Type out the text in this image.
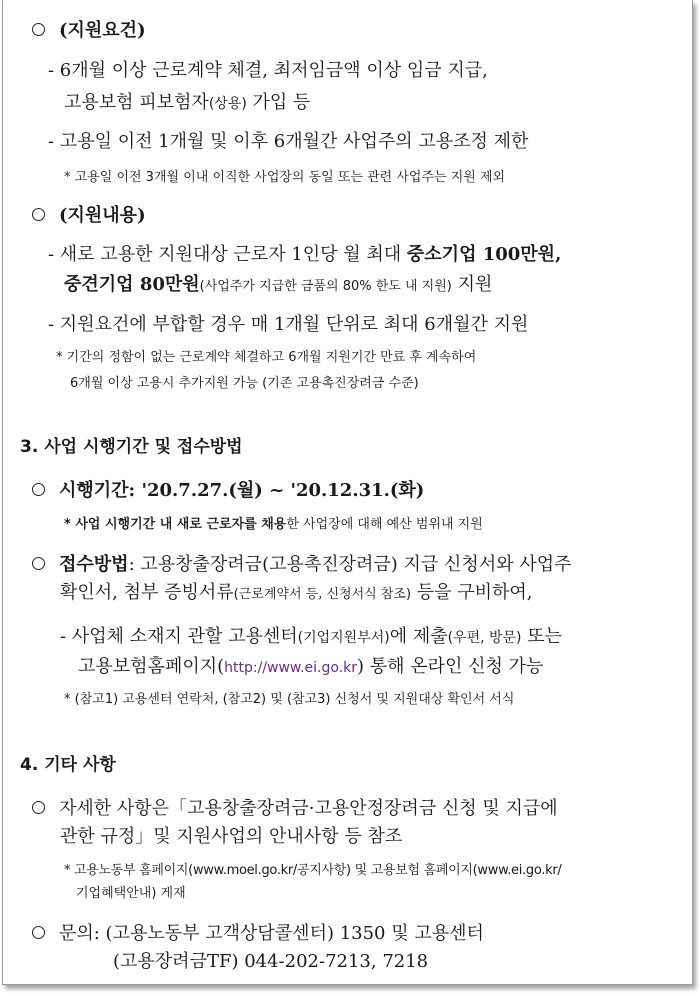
(지원요건)
- 6개월 이상 근로계약 체결, 최저임금액 이상 임금 지급,
고용보험 피보험자(상용) 가입 등
- 고용일 이전 1개월 및 이후 6개월간 사업주의 고용조정 제한
* 고용일 이전 3개월 이내 이직한 사업장의 동일 또는 관련 사업주는 지원 제외
(지원내용)
- 새로 고용한 지원대상 근로자 1인당 월 최대 중소기업 100만원,
중견기업 80만원(사업주가 지급한 금품의 80% 한도 내 지원) 지원
- 지원요건에 부합할 경우 매 1개월 단위로 최대 6개월간 지원
* 기간의 정함이 없는 근로계약 체결하고 6개월 지원기간 만료 후 계속하여
6개월 이상 고용시 추가지원 가능 (기존 고용촉진장려금 수준)
3. 사업 시행기간 및 접수방법
시행기간: '20.7.27.(월) ~ '20.12.31.(화)
* 사업 시행기간 내 새로 근로자를 채용한 사업장에 대해 예산 범위내 지원
접수방법: 고용창출장려금(고용촉진장려금) 지급 신청서와 사업주
확인서, 첨부 증빙서류(근로계약서 등, 신청서식 참조) 등을 구비하여,
- 사업체 소재지 관할 고용센터(기업지원부서)에 제출(우편, 방문) 또는
고용보험홈페이지(http://www.ei.go.kr) 통해 온라인 신청 가능
* (참고1) 고용센터 연락처, (참고2) 및 (참고3) 신청서 및 지원대상 확인서 서식
4. 기타 사항
자세한 사항은「고용창출장려금·고용안정장려금 신청 및 지급에
관한 규정」및 지원사업의 안내사항 등 참조
* 고용노동부 홈페이지(www.moel.go.kr/공지사항) 및 고용보험 홈페이지(www.ei.go.kr/
기업혜택안내) 게재
문의: (고용노동부 고객상담콜센터) 1350 및 고용센터
(고용장려금TF) 044-202-7213, 7218
